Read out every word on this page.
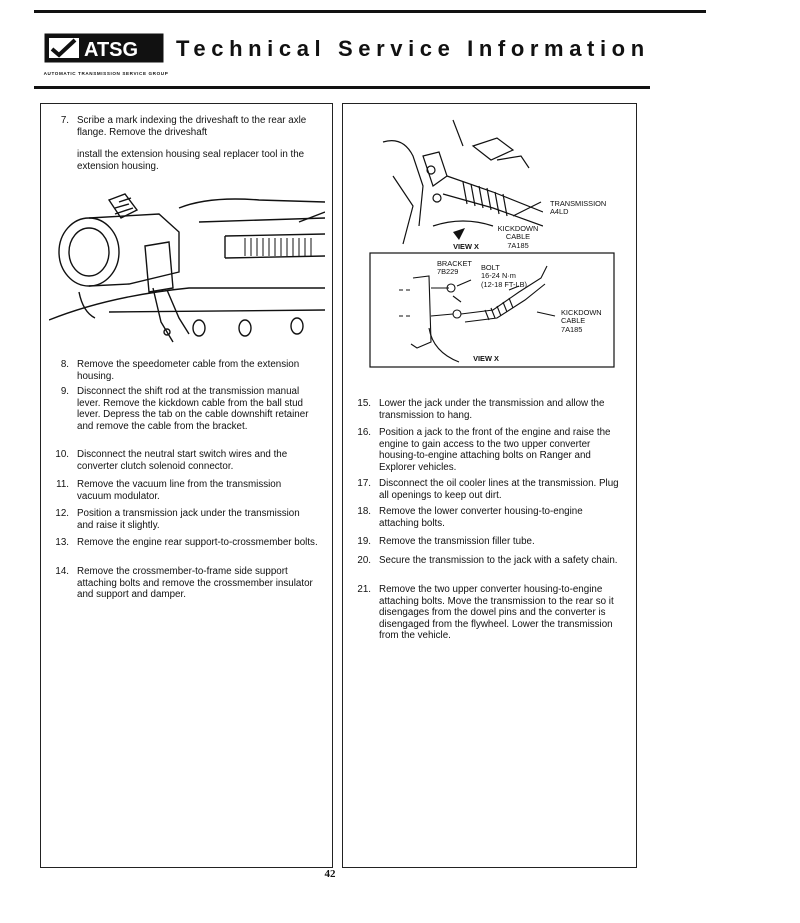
ATSG
AUTOMATIC TRANSMISSION SERVICE GROUP
Technical Service Information
7. Scribe a mark indexing the driveshaft to the rear axle flange. Remove the driveshaft
install the extension housing seal replacer tool in the extension housing.
8. Remove the speedometer cable from the extension housing.
9. Disconnect the shift rod at the transmission manual lever. Remove the kickdown cable from the ball stud lever. Depress the tab on the cable downshift retainer and remove the cable from the bracket.
10. Disconnect the neutral start switch wires and the converter clutch solenoid connector.
11. Remove the vacuum line from the transmission vacuum modulator.
12. Position a transmission jack under the transmission and raise it slightly.
13. Remove the engine rear support-to-crossmember bolts.
14. Remove the crossmember-to-frame side support attaching bolts and remove the crossmember insulator and support and damper.
TRANSMISSION
A4LD
KICKDOWN
CABLE
7A185
VIEW X
BRACKET
7B229	BOLT
16-24 N·m
(12-18 FT-LB)
KICKDOWN
CABLE
7A185
VIEW X
15. Lower the jack under the transmission and allow the transmission to hang.
16. Position a jack to the front of the engine and raise the engine to gain access to the two upper converter housing-to-engine attaching bolts on Ranger and Explorer vehicles.
17. Disconnect the oil cooler lines at the transmission. Plug all openings to keep out dirt.
18. Remove the lower converter housing-to-engine attaching bolts.
19. Remove the transmission filler tube.
20. Secure the transmission to the jack with a safety chain.
21. Remove the two upper converter housing-to-engine attaching bolts. Move the transmission to the rear so it disengages from the dowel pins and the converter is disengaged from the flywheel. Lower the transmission from the vehicle.
42
